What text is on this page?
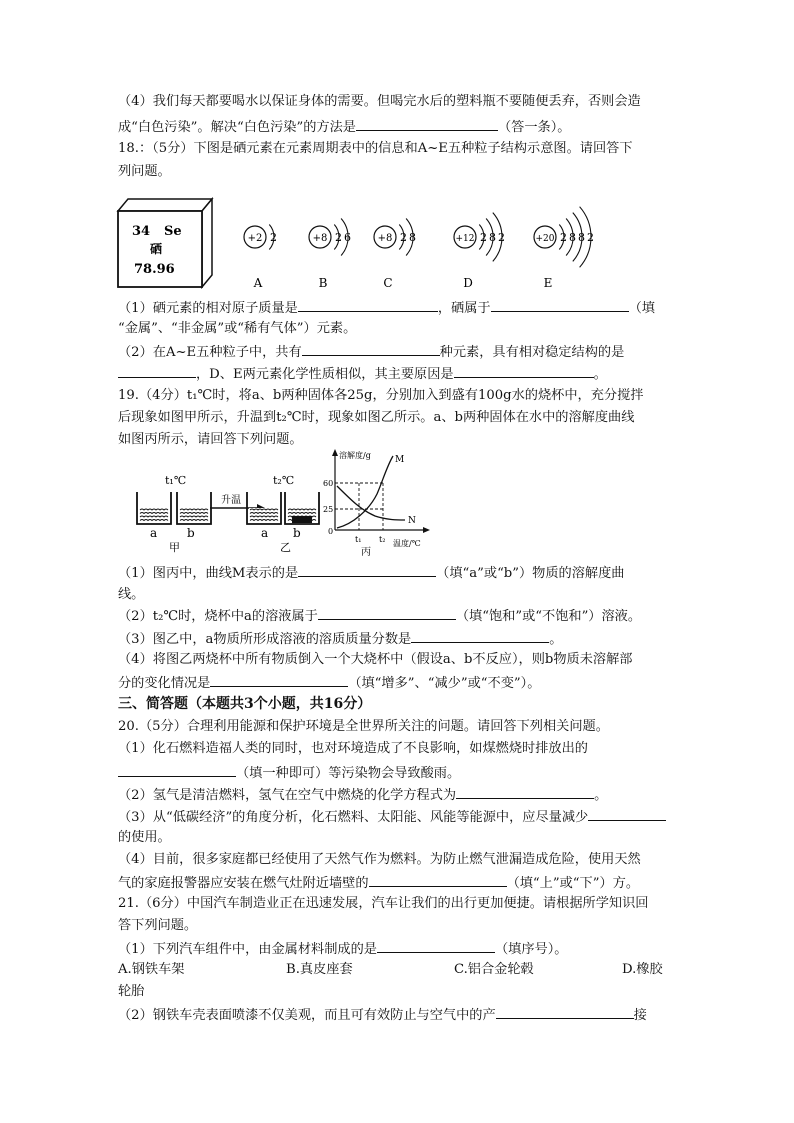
（4）我们每天都要喝水以保证身体的需要。但喝完水后的塑料瓶不要随便丢弃，否则会造
成“白色污染”。解决“白色污染”的方法是	（答一条）。
18.：（5分）下图是硒元素在元素周期表中的信息和A~E五种粒子结构示意图。请回答下
列问题。
34 Se
硒
78.96
+2 2
A
+8 2 6
B
+8 2 8
C
+12 2 8 2
D
+20 2 8 8 2
E
（1）硒元素的相对原子质量是	，硒属于	（填
“金属”、“非金属”或“稀有气体”）元素。
（2）在A~E五种粒子中，共有	种元素，具有相对稳定结构的是
，D、E两元素化学性质相似，其主要原因是	。
19.（4分）t₁℃时，将a、b两种固体各25g，分别加入到盛有100g水的烧杯中，充分搅拌
后现象如图甲所示，升温到t₂℃时，现象如图乙所示。a、b两种固体在水中的溶解度曲线
如图丙所示，请回答下列问题。
t₁℃	t₂℃
升温
a b	a b
甲	乙
溶解度/g
温度/℃
60
25
0
M
N
t₁ t₂
丙
（1）图丙中，曲线M表示的是	（填“a”或“b”）物质的溶解度曲
线。
（2）t₂℃时，烧杯中a的溶液属于	（填“饱和”或“不饱和”）溶液。
（3）图乙中，a物质所形成溶液的溶质质量分数是	。
（4）将图乙两烧杯中所有物质倒入一个大烧杯中（假设a、b不反应），则b物质未溶解部
分的变化情况是	（填“增多”、“减少”或“不变”）。
三、简答题（本题共3个小题，共16分）
20.（5分）合理利用能源和保护环境是全世界所关注的问题。请回答下列相关问题。
（1）化石燃料造福人类的同时，也对环境造成了不良影响，如煤燃烧时排放出的
（填一种即可）等污染物会导致酸雨。
（2）氢气是清洁燃料，氢气在空气中燃烧的化学方程式为	。
（3）从“低碳经济”的角度分析，化石燃料、太阳能、风能等能源中，应尽量减少
的使用。
（4）目前，很多家庭都已经使用了天然气作为燃料。为防止燃气泄漏造成危险，使用天然
气的家庭报警器应安装在燃气灶附近墙壁的	（填“上”或“下”）方。
21.（6分）中国汽车制造业正在迅速发展，汽车让我们的出行更加便捷。请根据所学知识回
答下列问题。
（1）下列汽车组件中，由金属材料制成的是	（填序号）。
A.钢铁车架	B.真皮座套	C.铝合金轮毂	D.橡胶
轮胎
（2）钢铁车壳表面喷漆不仅美观，而且可有效防止与空气中的产	接
